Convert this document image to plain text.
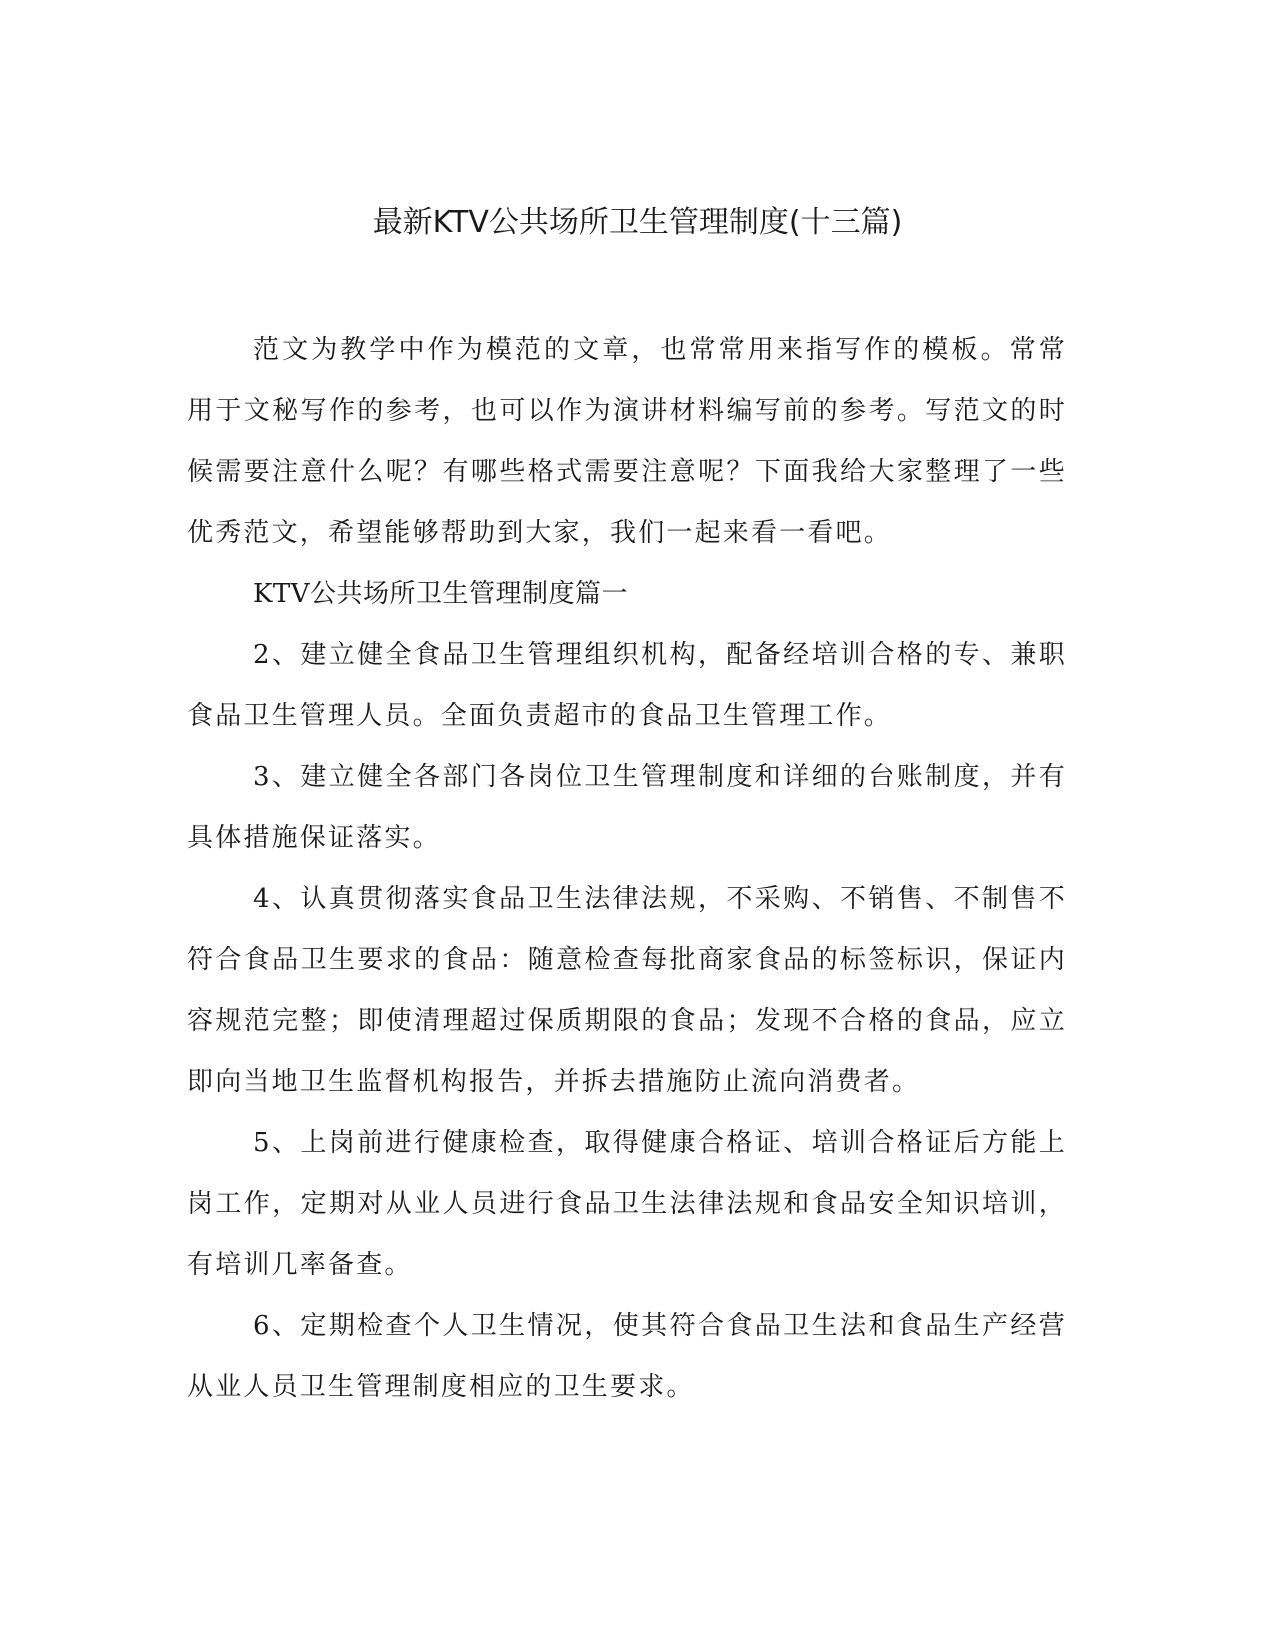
最新KTV公共场所卫生管理制度(十三篇)

范文为教学中作为模范的文章，也常常用来指写作的模板。常常用于文秘写作的参考，也可以作为演讲材料编写前的参考。写范文的时候需要注意什么呢？有哪些格式需要注意呢？下面我给大家整理了一些优秀范文，希望能够帮助到大家，我们一起来看一看吧。

KTV公共场所卫生管理制度篇一

2、建立健全食品卫生管理组织机构，配备经培训合格的专、兼职食品卫生管理人员。全面负责超市的食品卫生管理工作。

3、建立健全各部门各岗位卫生管理制度和详细的台账制度，并有具体措施保证落实。

4、认真贯彻落实食品卫生法律法规，不采购、不销售、不制售不符合食品卫生要求的食品：随意检查每批商家食品的标签标识，保证内容规范完整；即使清理超过保质期限的食品；发现不合格的食品，应立即向当地卫生监督机构报告，并拆去措施防止流向消费者。

5、上岗前进行健康检查，取得健康合格证、培训合格证后方能上岗工作，定期对从业人员进行食品卫生法律法规和食品安全知识培训，有培训几率备查。

6、定期检查个人卫生情况，使其符合食品卫生法和食品生产经营从业人员卫生管理制度相应的卫生要求。
